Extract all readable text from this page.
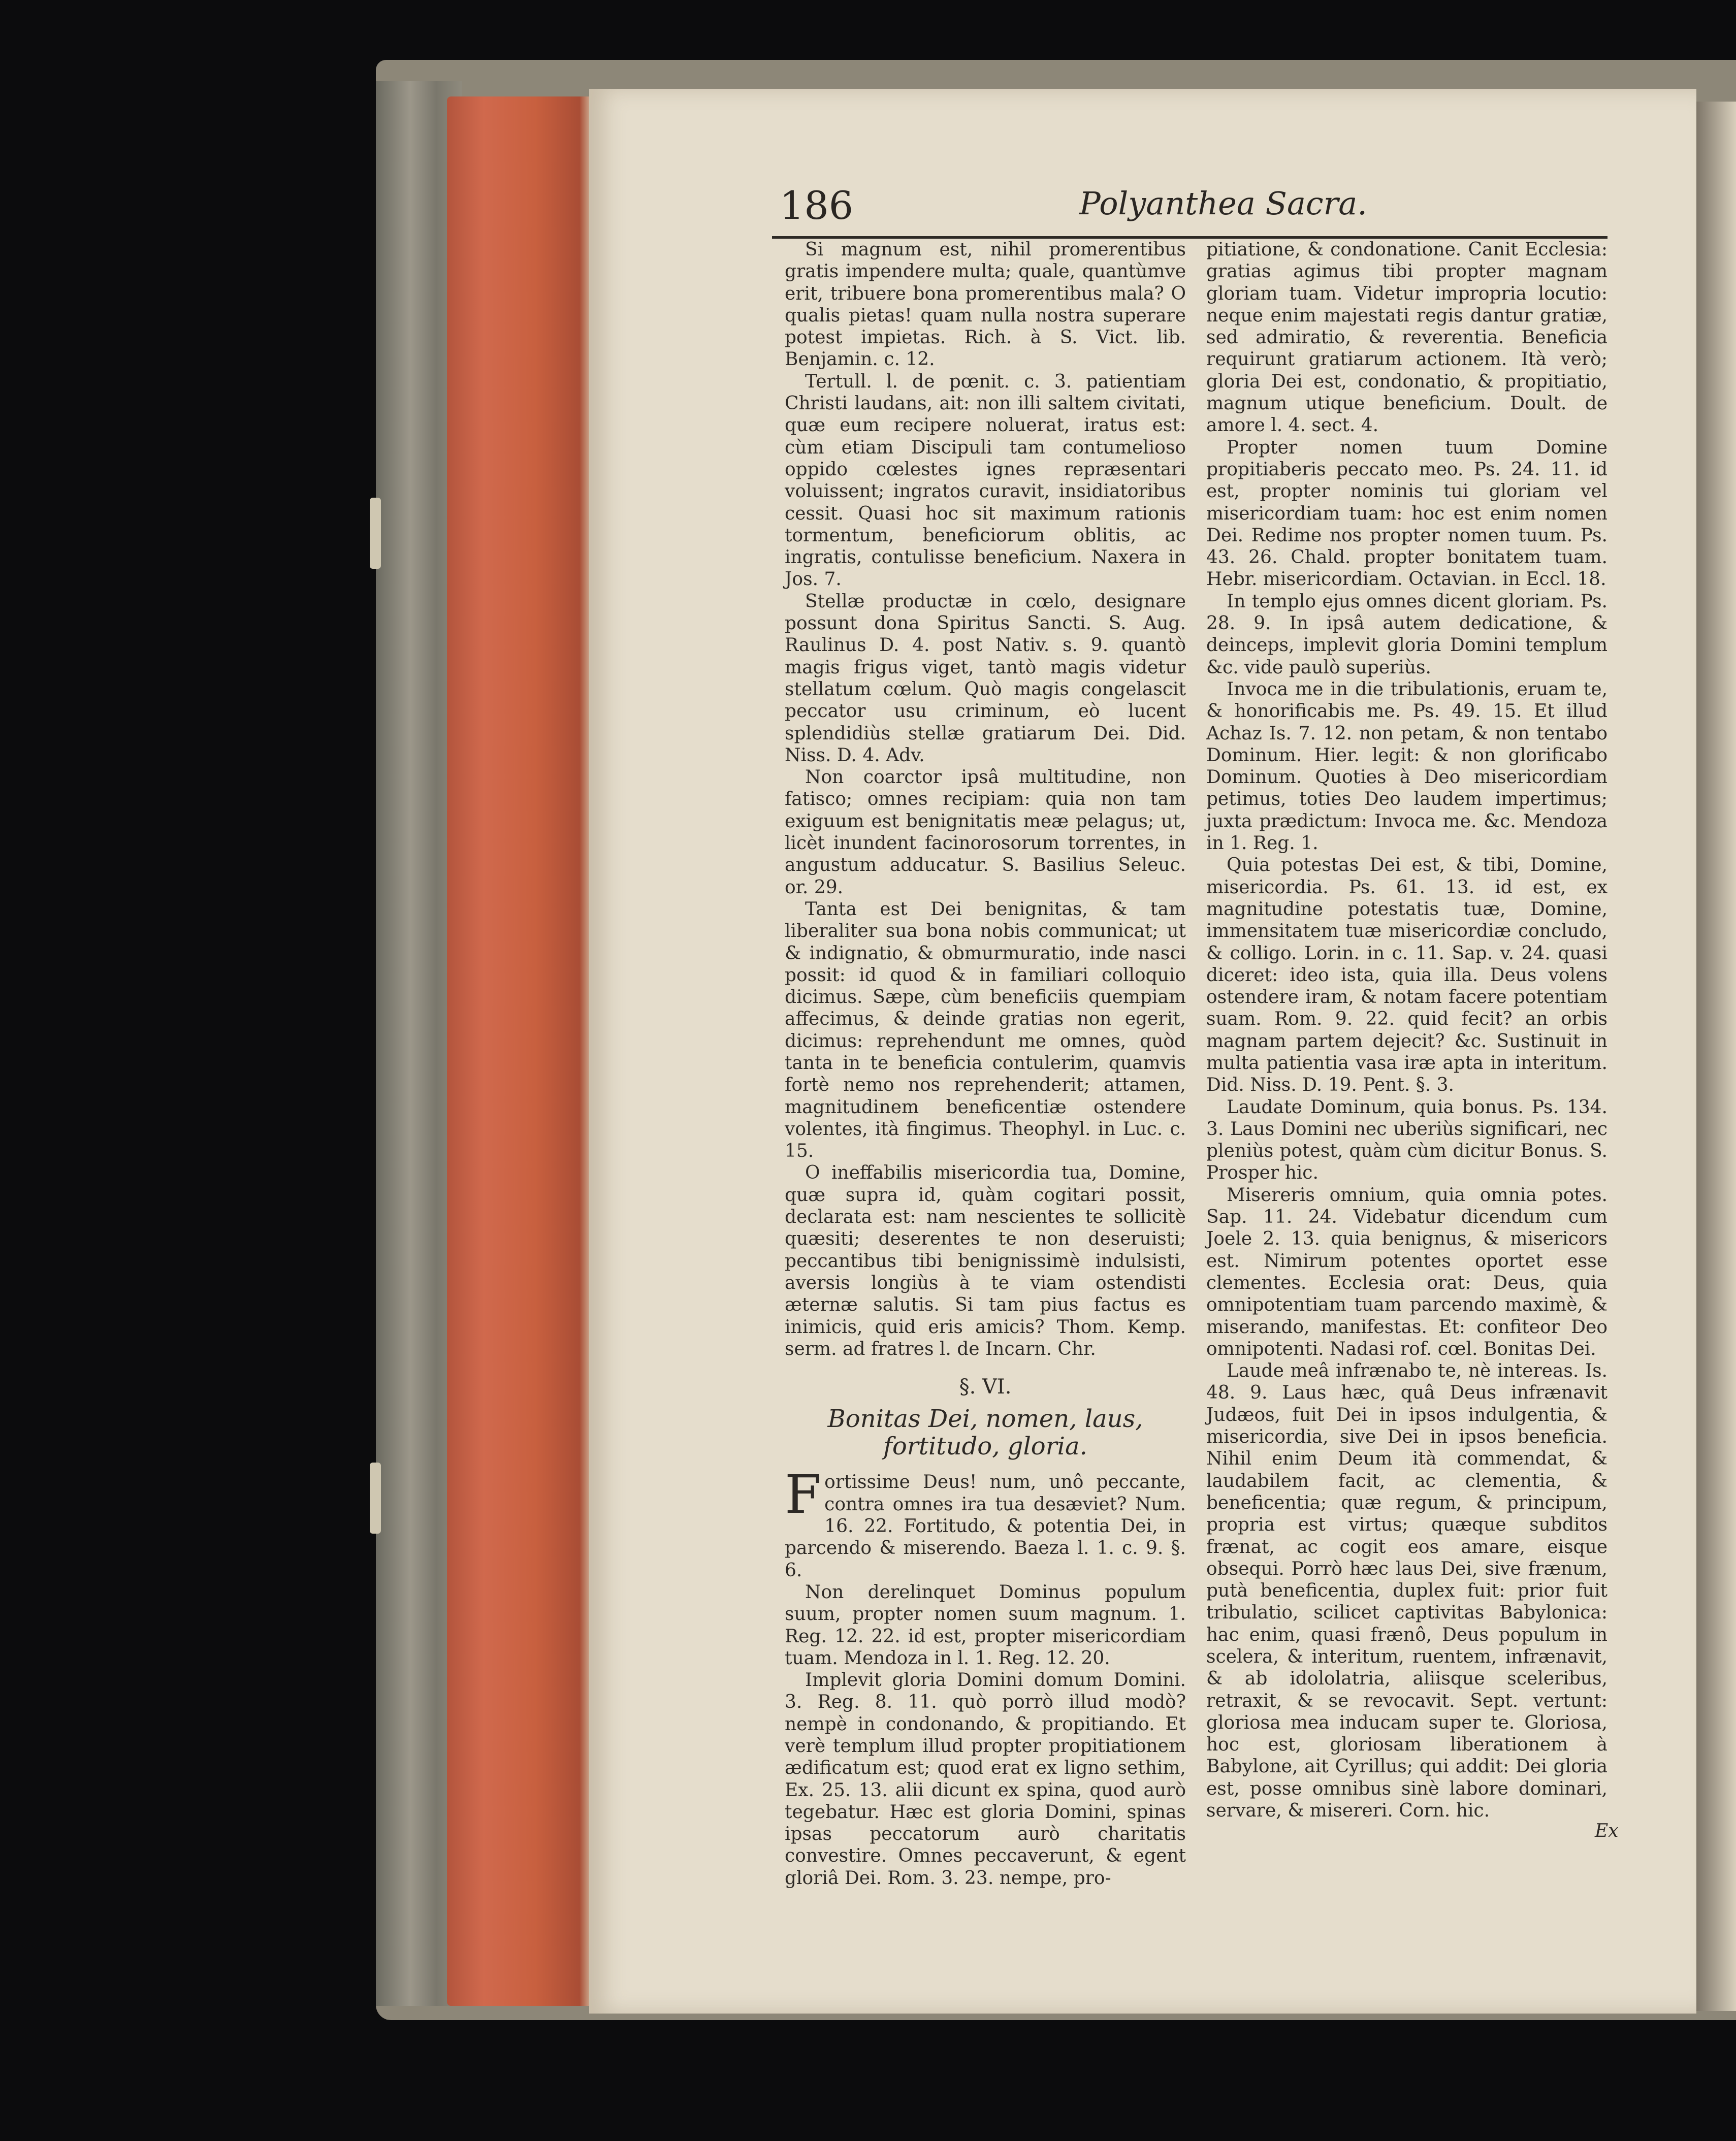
186	Polyanthea Sacra.

Si magnum est, nihil promerentibus gratis impendere multa; quale, quantùmve erit, tribuere bona promerentibus mala? O qualis pietas! quam nulla nostra superare potest impietas. Rich. à S. Vict. lib. Benjamin. c. 12.

Tertull. l. de pœnit. c. 3. patientiam Christi laudans, ait: non illi saltem civitati, quæ eum recipere noluerat, iratus est: cùm etiam Discipuli tam contumelioso oppido cœlestes ignes repræsentari voluissent; ingratos curavit, insidiatoribus cessit. Quasi hoc sit maximum rationis tormentum, beneficiorum oblitis, ac ingratis, contulisse beneficium. Naxera in Jos. 7.

Stellæ productæ in cœlo, designare possunt dona Spiritus Sancti. S. Aug. Raulinus D. 4. post Nativ. s. 9. quantò magis frigus viget, tantò magis videtur stellatum cœlum. Quò magis congelascit peccator usu criminum, eò lucent splendidiùs stellæ gratiarum Dei. Did. Niss. D. 4. Adv.

Non coarctor ipsâ multitudine, non fatisco; omnes recipiam: quia non tam exiguum est benignitatis meæ pelagus; ut, licèt inundent facinorosorum torrentes, in angustum adducatur. S. Basilius Seleuc. or. 29.

Tanta est Dei benignitas, & tam liberaliter sua bona nobis communicat; ut & indignatio, & obmurmuratio, inde nasci possit: id quod & in familiari colloquio dicimus. Sæpe, cùm beneficiis quempiam affecimus, & deinde gratias non egerit, dicimus: reprehendunt me omnes, quòd tanta in te beneficia contulerim, quamvis fortè nemo nos reprehenderit; attamen, magnitudinem beneficentiæ ostendere volentes, ità fingimus. Theophyl. in Luc. c. 15.

O ineffabilis misericordia tua, Domine, quæ supra id, quàm cogitari possit, declarata est: nam nescientes te sollicitè quæsiti; deserentes te non deseruisti; peccantibus tibi benignissimè indulsisti, aversis longiùs à te viam ostendisti æternæ salutis. Si tam pius factus es inimicis, quid eris amicis? Thom. Kemp. serm. ad fratres l. de Incarn. Chr.

§. VI.
Bonitas Dei, nomen, laus, fortitudo, gloria.

Fortissime Deus! num, unô peccante, contra omnes ira tua desæviet? Num. 16. 22. Fortitudo, & potentia Dei, in parcendo & miserendo. Baeza l. 1. c. 9. §. 6.

Non derelinquet Dominus populum suum, propter nomen suum magnum. 1. Reg. 12. 22. id est, propter misericordiam tuam. Mendoza in l. 1. Reg. 12. 20.

Implevit gloria Domini domum Domini. 3. Reg. 8. 11. quò porrò illud modò? nempè in condonando, & propitiando. Et verè templum illud propter propitiationem ædificatum est; quod erat ex ligno sethim, Ex. 25. 13. alii dicunt ex spina, quod aurò tegebatur. Hæc est gloria Domini, spinas ipsas peccatorum aurò charitatis convestire. Omnes peccaverunt, & egent gloriâ Dei. Rom. 3. 23. nempe, pro-

pitiatione, & condonatione. Canit Ecclesia: gratias agimus tibi propter magnam gloriam tuam. Videtur impropria locutio: neque enim majestati regis dantur gratiæ, sed admiratio, & reverentia. Beneficia requirunt gratiarum actionem. Ità verò; gloria Dei est, condonatio, & propitiatio, magnum utique beneficium. Doult. de amore l. 4. sect. 4.

Propter nomen tuum Domine propitiaberis peccato meo. Ps. 24. 11. id est, propter nominis tui gloriam vel misericordiam tuam: hoc est enim nomen Dei. Redime nos propter nomen tuum. Ps. 43. 26. Chald. propter bonitatem tuam. Hebr. misericordiam. Octavian. in Eccl. 18.

In templo ejus omnes dicent gloriam. Ps. 28. 9. In ipsâ autem dedicatione, & deinceps, implevit gloria Domini templum &c. vide paulò superiùs.

Invoca me in die tribulationis, eruam te, & honorificabis me. Ps. 49. 15. Et illud Achaz Is. 7. 12. non petam, & non tentabo Dominum. Hier. legit: & non glorificabo Dominum. Quoties à Deo misericordiam petimus, toties Deo laudem impertimus; juxta prædictum: Invoca me. &c. Mendoza in 1. Reg. 1.

Quia potestas Dei est, & tibi, Domine, misericordia. Ps. 61. 13. id est, ex magnitudine potestatis tuæ, Domine, immensitatem tuæ misericordiæ concludo, & colligo. Lorin. in c. 11. Sap. v. 24. quasi diceret: ideo ista, quia illa. Deus volens ostendere iram, & notam facere potentiam suam. Rom. 9. 22. quid fecit? an orbis magnam partem dejecit? &c. Sustinuit in multa patientia vasa iræ apta in interitum. Did. Niss. D. 19. Pent. §. 3.

Laudate Dominum, quia bonus. Ps. 134. 3. Laus Domini nec uberiùs significari, nec pleniùs potest, quàm cùm dicitur Bonus. S. Prosper hic.

Misereris omnium, quia omnia potes. Sap. 11. 24. Videbatur dicendum cum Joele 2. 13. quia benignus, & misericors est. Nimirum potentes oportet esse clementes. Ecclesia orat: Deus, quia omnipotentiam tuam parcendo maximè, & miserando, manifestas. Et: confiteor Deo omnipotenti. Nadasi rof. cœl. Bonitas Dei.

Laude meâ infrænabo te, nè intereas. Is. 48. 9. Laus hæc, quâ Deus infrænavit Judæos, fuit Dei in ipsos indulgentia, & misericordia, sive Dei in ipsos beneficia. Nihil enim Deum ità commendat, & laudabilem facit, ac clementia, & beneficentia; quæ regum, & principum, propria est virtus; quæque subditos frænat, ac cogit eos amare, eisque obsequi. Porrò hæc laus Dei, sive frænum, putà beneficentia, duplex fuit: prior fuit tribulatio, scilicet captivitas Babylonica: hac enim, quasi frænô, Deus populum in scelera, & interitum, ruentem, infrænavit, & ab idololatria, aliisque sceleribus, retraxit, & se revocavit. Sept. vertunt: gloriosa mea inducam super te. Gloriosa, hoc est, gloriosam liberationem à Babylone, ait Cyrillus; qui addit: Dei gloria est, posse omnibus sinè labore dominari, servare, & misereri. Corn. hic.

Ex
